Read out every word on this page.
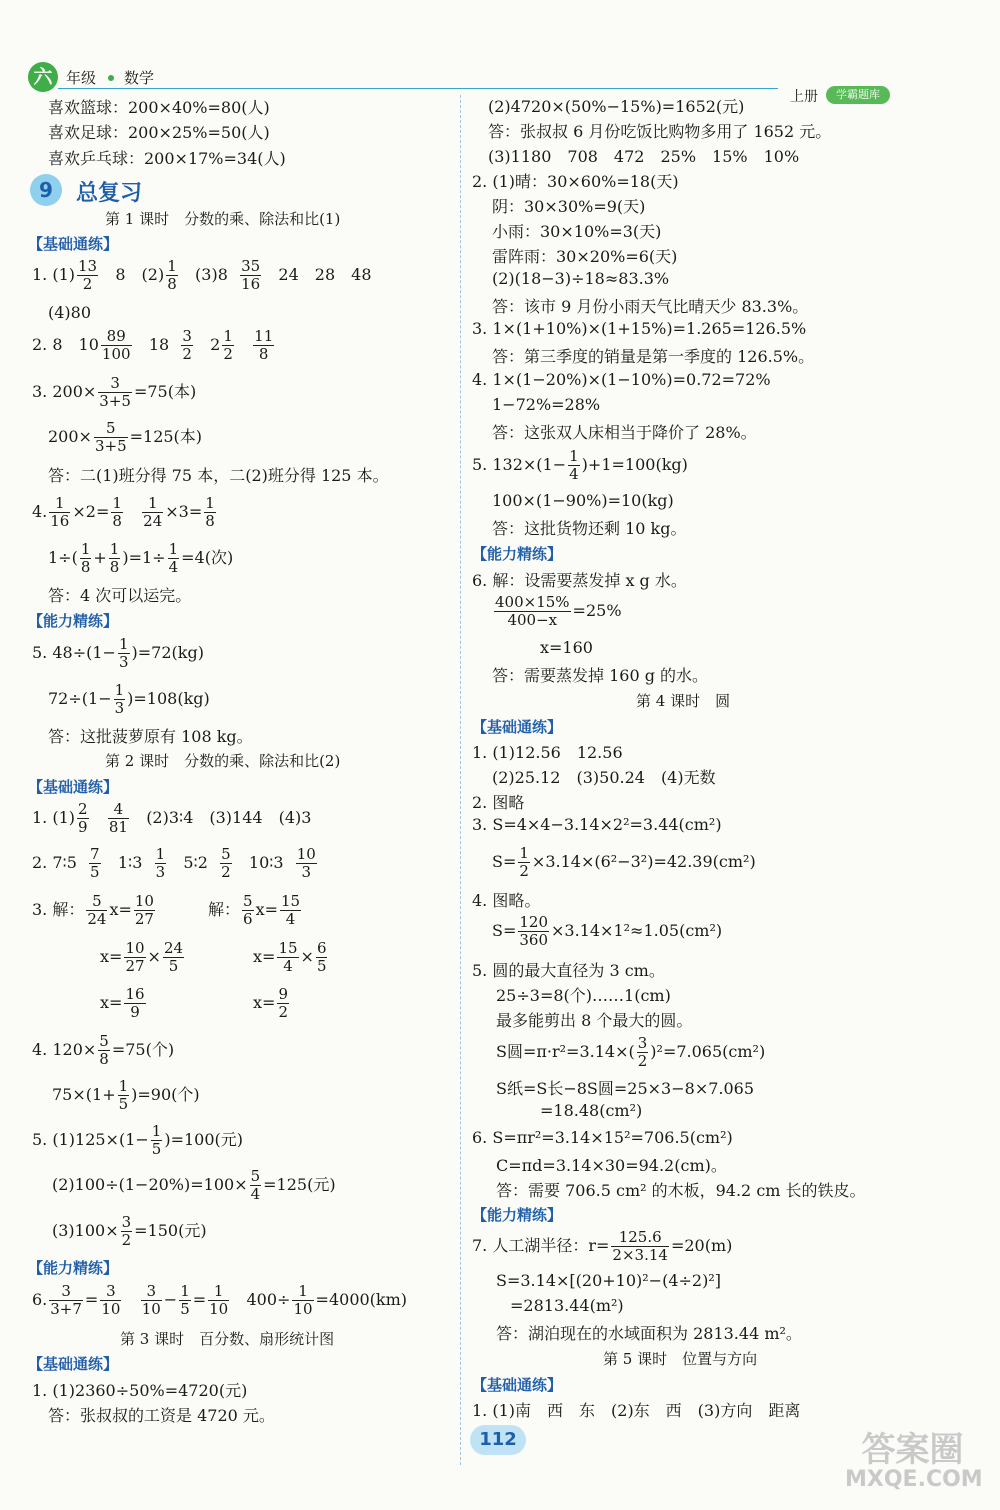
六 年级 数学
上册	学霸题库
喜欢篮球：200×40%=80(人)
喜欢足球：200×25%=50(人)
喜欢乒乓球：200×17%=34(人)
9	总复习
第 1 课时　分数的乘、除法和比(1)
【基础通练】
1. $(1) \frac{13}{2} 8$　$(2) \frac{1}{8} (3)8 \frac{35}{16} 24$　28　48
(4)80
2. 8　$10 \frac{89}{100} 18 \frac{3}{2} 2 \frac{1}{2}$
$\frac{11}{8}$
3. $200\times \frac{3}{3+5} =75$(本)
$200\times \frac{5}{3+5} =125$(本)
答：二(1)班分得 75 本，二(2)班分得 125 本。
4. $\frac{1}{16} \times 2= \frac{1}{8}$
$\frac{1}{24} \times 3= \frac{1}{8}$
$1\div( \frac{1}{8} + \frac{1}{8} )=1\div \frac{1}{4} =4$(次)
答：4 次可以运完。
【能力精练】
5. $48\div(1- \frac{1}{3} )=72(kg)$
$72\div(1- \frac{1}{3} )=108(kg)$
答：这批菠萝原有 108 kg。
第 2 课时　分数的乘、除法和比(2)
【基础通练】
1. $(1) \frac{2}{9}$
$\frac{4}{81}$ (2)3∶4　(3)144　(4)3
2. 7∶5 $\frac{7}{5}$ 1∶3 $\frac{1}{3}$ 5∶2 $\frac{5}{2}$ 10∶3 $\frac{10}{3}$
3. 解： $\frac{5}{24} x= \frac{10}{27}$	解： $\frac{5}{6} x= \frac{15}{4}$
$x= \frac{10}{27} \times \frac{24}{5}$	$x= \frac{15}{4} \times \frac{6}{5}$
$x= \frac{16}{9}$	$x= \frac{9}{2}$
4. $120\times \frac{5}{8} =75$(个)
$75\times(1+ \frac{1}{5} )=90$(个)
5. $(1)125\times(1- \frac{1}{5} )=100$(元)
$(2)100\div(1-20\%)=100\times \frac{5}{4} =125$(元)
$(3)100\times \frac{3}{2} =150$(元)
【能力精练】
6. $\frac{3}{3+7} = \frac{3}{10}$
$\frac{3}{10} - \frac{1}{5} = \frac{1}{10} 400\div \frac{1}{10} =4000(km)$
第 3 课时　百分数、扇形统计图
【基础通练】
1. (1)2360÷50%=4720(元)
答：张叔叔的工资是 4720 元。
(2)4720×(50%−15%)=1652(元)
答：张叔叔 6 月份吃饭比购物多用了 1652 元。
(3)1180　708　472　25%　15%　10%
2. (1)晴：30×60%=18(天)
阴：30×30%=9(天)
小雨：30×10%=3(天)
雷阵雨：30×20%=6(天)
(2)(18−3)÷18≈83.3%
答：该市 9 月份小雨天气比晴天少 83.3%。
3. 1×(1+10%)×(1+15%)=1.265=126.5%
答：第三季度的销量是第一季度的 126.5%。
4. 1×(1−20%)×(1−10%)=0.72=72%
1−72%=28%
答：这张双人床相当于降价了 28%。
5. $132\times(1- \frac{1}{4} )+1=100(kg)$
100×(1−90%)=10(kg)
答：这批货物还剩 10 kg。
【能力精练】
6. 解：设需要蒸发掉 x g 水。
$\frac{400\times 15\%}{400-x} =25\%$
x=160
答：需要蒸发掉 160 g 的水。
第 4 课时　圆
【基础通练】
1. (1)12.56　12.56
(2)25.12　(3)50.24　(4)无数
2. 图略
3. S=4×4−3.14×2²=3.44(cm²)
$S= \frac{1}{2} \times 3.14\times(6^2-3^2)=42.39(cm^2)$
4. 图略。
$S= \frac{120}{360} \times 3.14\times 1^2\approx 1.05(cm^2)$
5. 圆的最大直径为 3 cm。
25÷3=8(个)……1(cm)
最多能剪出 8 个最大的圆。
S圆$=\pi\cdot r^2=3.14\times( \frac{3}{2} )^2=7.065(cm^2)$
S纸=S长−8S圆=25×3−8×7.065
=18.48(cm²)
6. S=πr²=3.14×15²=706.5(cm²)
C=πd=3.14×30=94.2(cm)。
答：需要 706.5 cm² 的木板，94.2 cm 长的铁皮。
【能力精练】
7. 人工湖半径：$r= \frac{125.6}{2\times 3.14} =20(m)$
S=3.14×[(20+10)²−(4÷2)²]
=2813.44(m²)
答：湖泊现在的水域面积为 2813.44 m²。
第 5 课时　位置与方向
【基础通练】
1. (1)南　西　东　(2)东　西　(3)方向　距离
112	答案圈
MXQE.COM
